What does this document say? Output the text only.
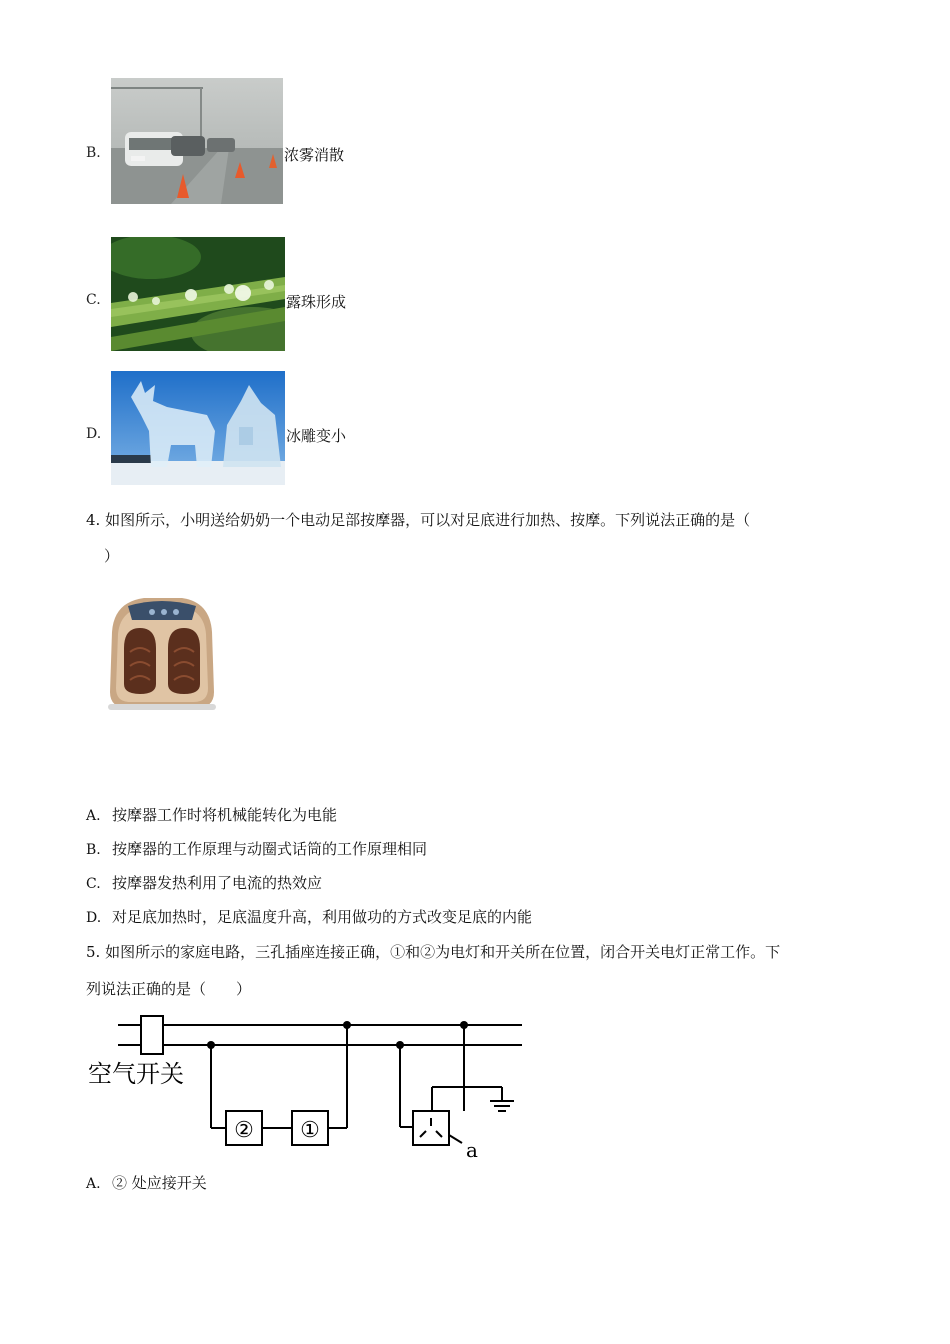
B.	浓雾消散
C.	露珠形成
D.	冰雕变小
4. 如图所示，小明送给奶奶一个电动足部按摩器，可以对足底进行加热、按摩。下列说法正确的是（
）
A. 按摩器工作时将机械能转化为电能
B. 按摩器的工作原理与动圈式话筒的工作原理相同
C. 按摩器发热利用了电流的热效应
D. 对足底加热时，足底温度升高，利用做功的方式改变足底的内能
5. 如图所示的家庭电路，三孔插座连接正确，①和②为电灯和开关所在位置，闭合开关电灯正常工作。下
列说法正确的是（　　）
空气开关
② ①
a
A. ② 处应接开关
